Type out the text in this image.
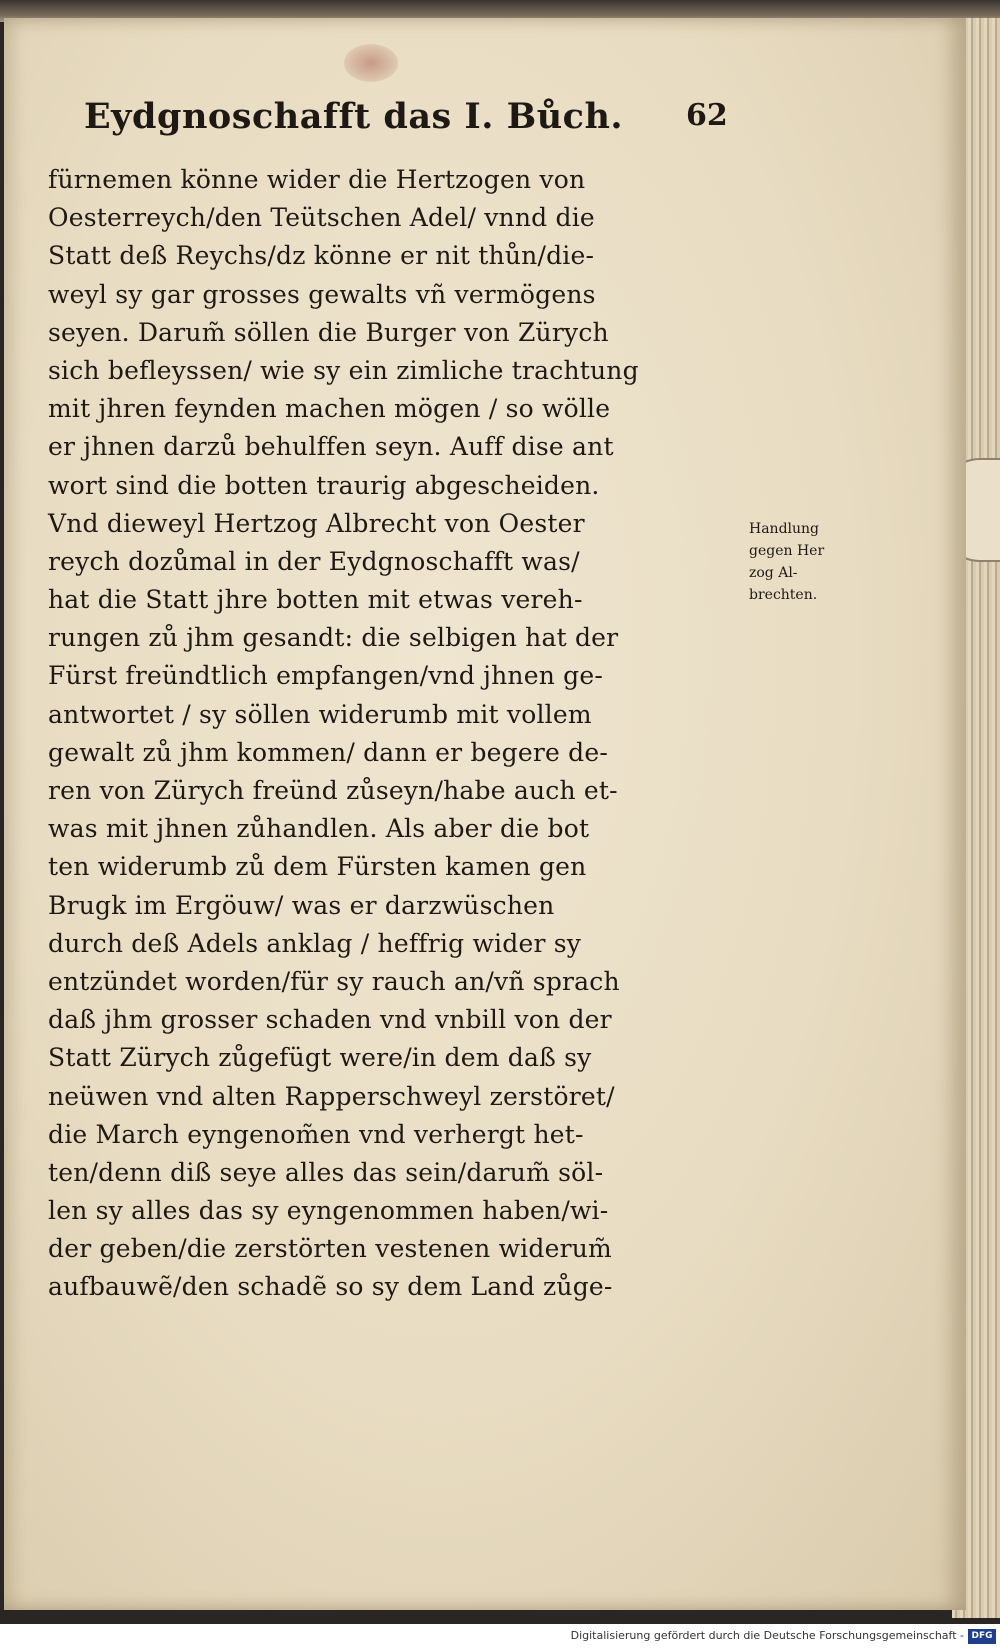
Eydgnoschafft das I. Bůch. 62
fürnemen könne wider die Hertzogen von
Oesterreych/den Teütschen Adel/ vnnd die
Statt deß Reychs/dz könne er nit thůn/die-
weyl sy gar grosses gewalts vñ vermögens
seyen. Darum̃ söllen die Burger von Zürych
sich befleyssen/ wie sy ein zimliche trachtung
mit jhren feynden machen mögen / so wölle
er jhnen darzů behulffen seyn. Auff dise ant
wort sind die botten traurig abgescheiden.
Vnd dieweyl Hertzog Albrecht von Oester
reych dozůmal in der Eydgnoschafft was/
hat die Statt jhre botten mit etwas vereh-
rungen zů jhm gesandt: die selbigen hat der
Fürst freündtlich empfangen/vnd jhnen ge-
antwortet / sy söllen widerumb mit vollem
gewalt zů jhm kommen/ dann er begere de-
ren von Zürych freünd zůseyn/habe auch et-
was mit jhnen zůhandlen. Als aber die bot
ten widerumb zů dem Fürsten kamen gen
Brugk im Ergöuw/ was er darzwüschen
durch deß Adels anklag / heffrig wider sy
entzündet worden/für sy rauch an/vñ sprach
daß jhm grosser schaden vnd vnbill von der
Statt Zürych zůgefügt were/in dem daß sy
neüwen vnd alten Rapperschweyl zerstöret/
die March eyngenom̃en vnd verhergt het-
ten/denn diß seye alles das sein/darum̃ söl-
len sy alles das sy eyngenommen haben/wi-
der geben/die zerstörten vestenen widerum̃
aufbauwẽ/den schadẽ so sy dem Land zůge-
Handlung
gegen Her
zog Al-
brechten.
Digitalisierung gefördert durch die Deutsche Forschungsgemeinschaft - DFG
